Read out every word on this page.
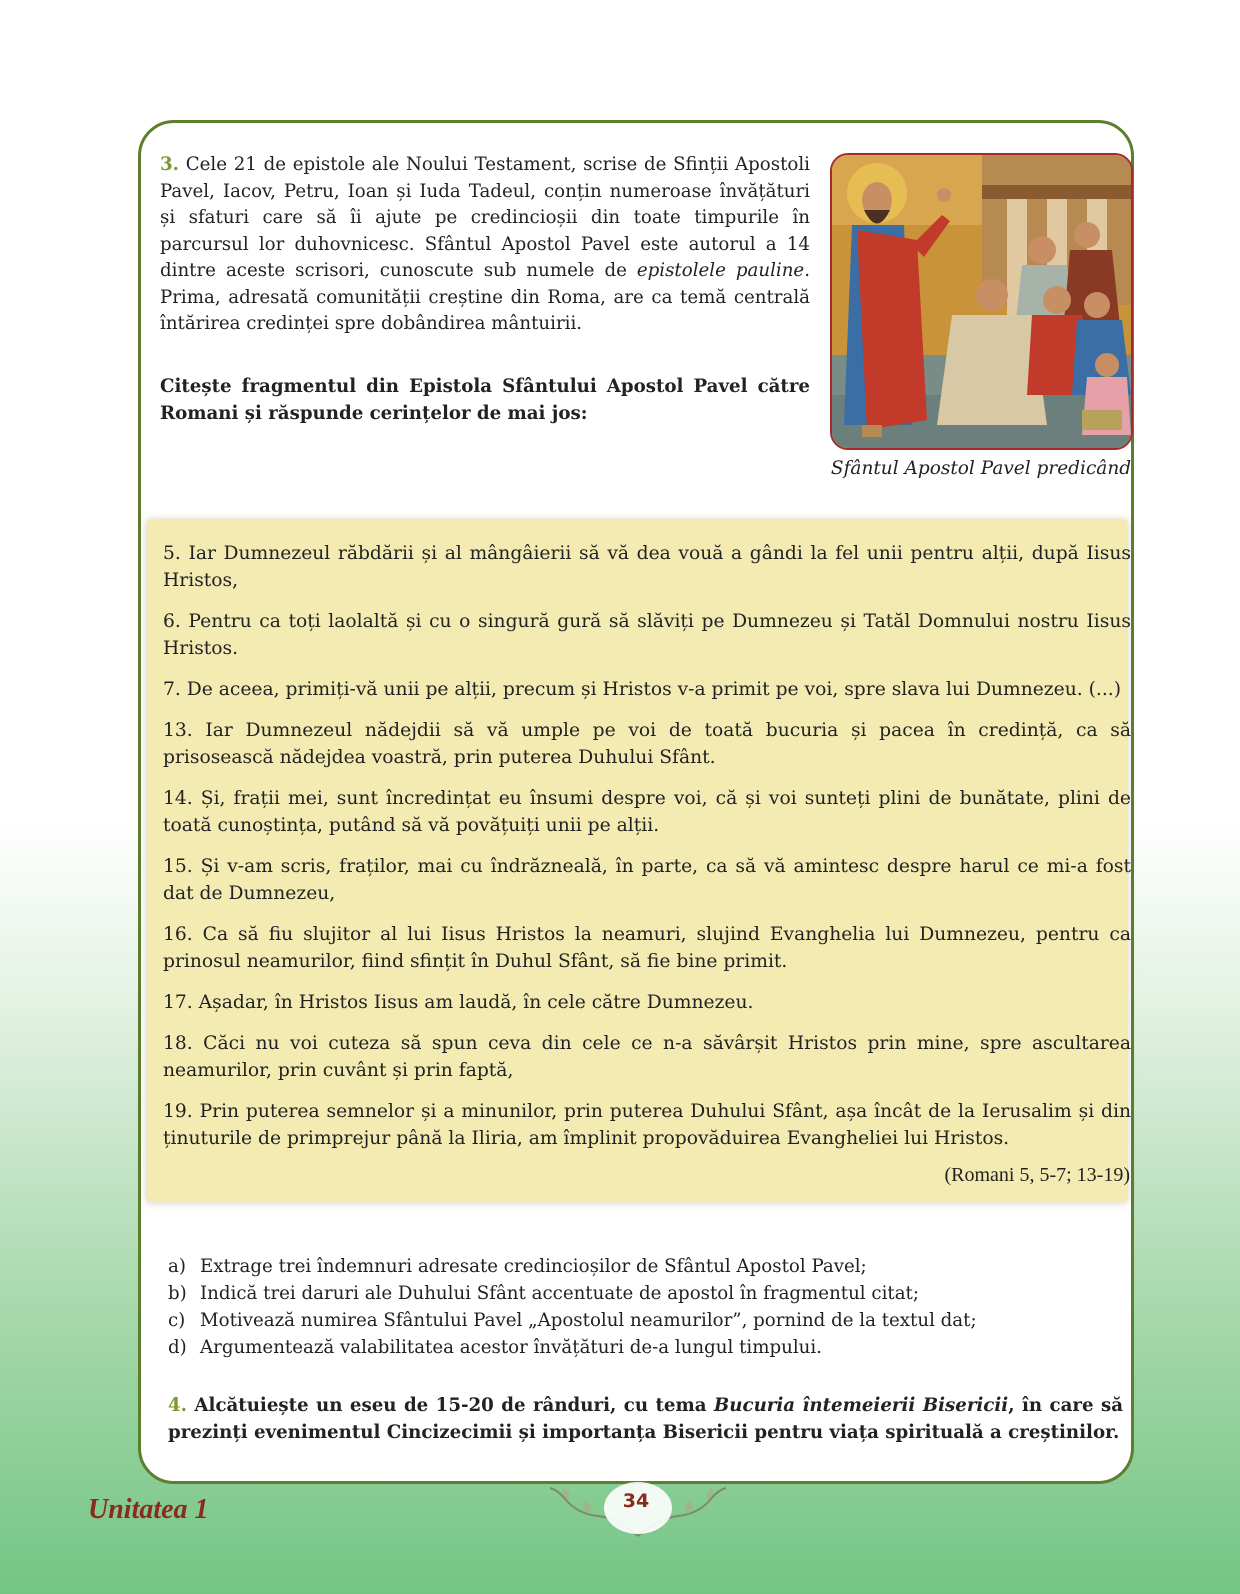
3. Cele 21 de epistole ale Noului Testament, scrise de Sfinții Apostoli Pavel, Iacov, Petru, Ioan și Iuda Tadeul, conțin numeroase învățături și sfaturi care să îi ajute pe credincioșii din toate timpurile în parcursul lor duhovnicesc. Sfântul Apostol Pavel este autorul a 14 dintre aceste scrisori, cunoscute sub numele de epistolele pauline. Prima, adresată comunității creștine din Roma, are ca temă centrală întărirea credinței spre dobândirea mântuirii.
Citește fragmentul din Epistola Sfântului Apostol Pavel către Romani și răspunde cerințelor de mai jos:
Sfântul Apostol Pavel predicând

5. Iar Dumnezeul răbdării și al mângâierii să vă dea vouă a gândi la fel unii pentru alții, după Iisus Hristos,

6. Pentru ca toți laolaltă și cu o singură gură să slăviți pe Dumnezeu și Tatăl Domnului nostru Iisus Hristos.

7. De aceea, primiți-vă unii pe alții, precum și Hristos v-a primit pe voi, spre slava lui Dumnezeu. (...)

13. Iar Dumnezeul nădejdii să vă umple pe voi de toată bucuria și pacea în credință, ca să prisosească nădejdea voastră, prin puterea Duhului Sfânt.

14. Și, frații mei, sunt încredințat eu însumi despre voi, că și voi sunteți plini de bunătate, plini de toată cunoștința, putând să vă povățuiți unii pe alții.

15. Și v-am scris, fraților, mai cu îndrăzneală, în parte, ca să vă amintesc despre harul ce mi-a fost dat de Dumnezeu,

16. Ca să fiu slujitor al lui Iisus Hristos la neamuri, slujind Evanghelia lui Dumnezeu, pentru ca prinosul neamurilor, fiind sfințit în Duhul Sfânt, să fie bine primit.

17. Așadar, în Hristos Iisus am laudă, în cele către Dumnezeu.

18. Căci nu voi cuteza să spun ceva din cele ce n-a săvârșit Hristos prin mine, spre ascultarea neamurilor, prin cuvânt și prin faptă,

19. Prin puterea semnelor și a minunilor, prin puterea Duhului Sfânt, așa încât de la Ierusalim și din ținuturile de primprejur până la Iliria, am împlinit propovăduirea Evangheliei lui Hristos.

(Romani 5, 5-7; 13-19)
a) Extrage trei îndemnuri adresate credincioșilor de Sfântul Apostol Pavel;
b) Indică trei daruri ale Duhului Sfânt accentuate de apostol în fragmentul citat;
c) Motivează numirea Sfântului Pavel „Apostolul neamurilor”, pornind de la textul dat;
d) Argumentează valabilitatea acestor învățături de-a lungul timpului.
4. Alcătuiește un eseu de 15-20 de rânduri, cu tema Bucuria întemeierii Bisericii, în care să prezinți evenimentul Cincizecimii și importanța Bisericii pentru viața spirituală a creștinilor.
Unitatea 1	34
